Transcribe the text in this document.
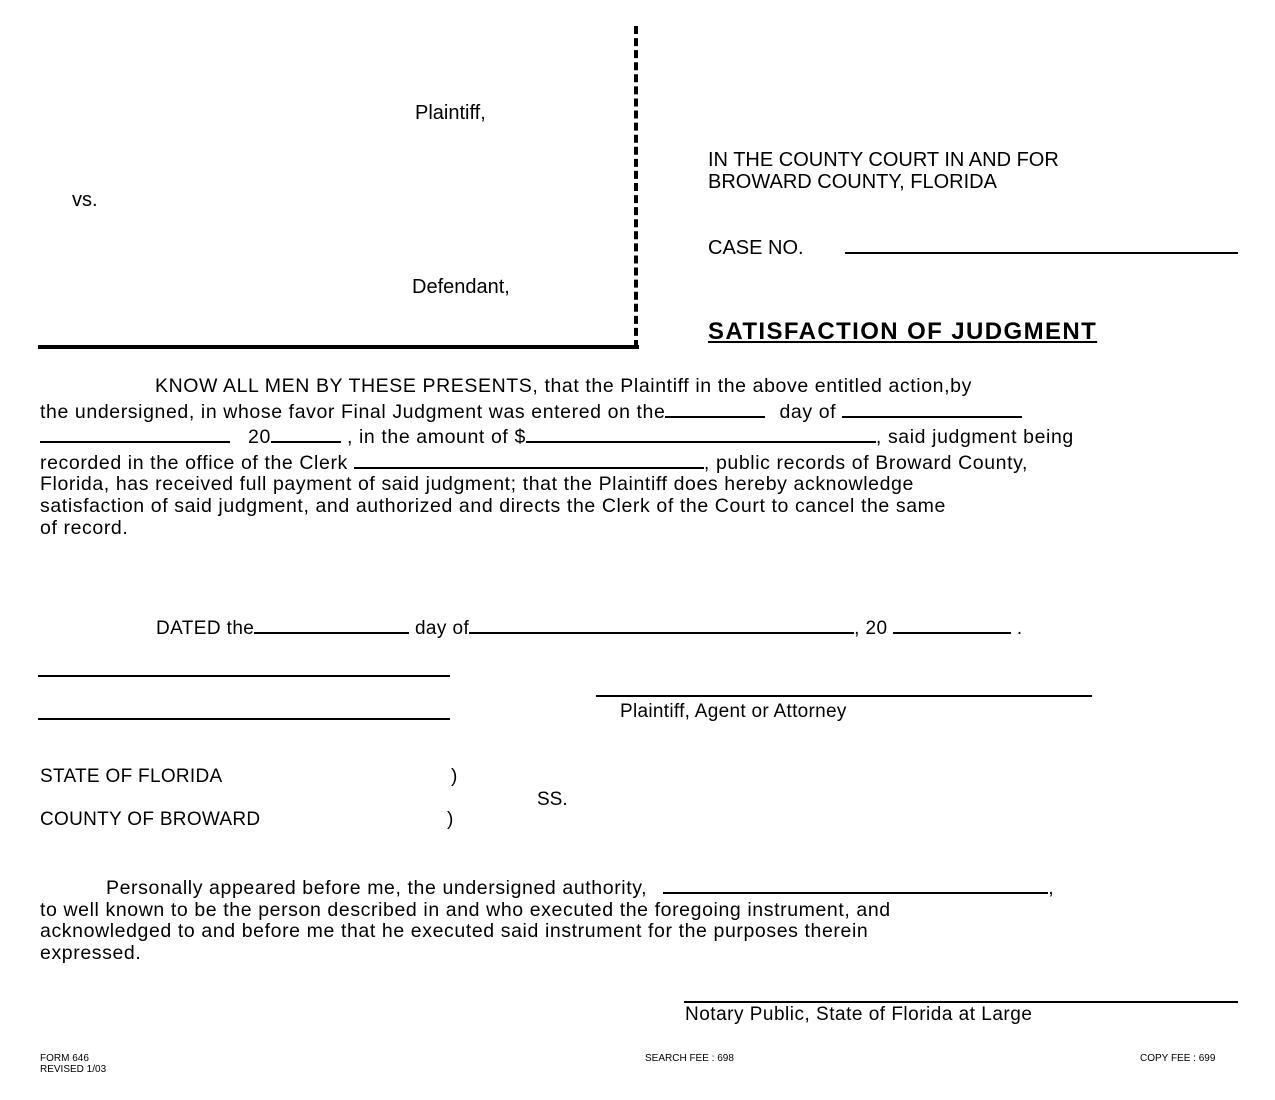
Plaintiff,
vs.
Defendant,
IN THE COUNTY COURT IN AND FOR
BROWARD COUNTY, FLORIDA
CASE NO.
SATISFACTION OF JUDGMENT
KNOW ALL MEN BY THESE PRESENTS, that the Plaintiff in the above entitled action,by
the undersigned, in whose favor Final Judgment was entered on the	day of
20	, in the amount of $	, said judgment being
recorded in the office of the Clerk	, public records of Broward County,
Florida, has received full payment of said judgment; that the Plaintiff does hereby acknowledge
satisfaction of said judgment, and authorized and directs the Clerk of the Court to cancel the same
of record.
DATED the	day of	, 20	.
Plaintiff, Agent or Attorney
STATE OF FLORIDA	)
SS.
COUNTY OF BROWARD	)
Personally appeared before me, the undersigned authority,	,
to well known to be the person described in and who executed the foregoing instrument, and
acknowledged to and before me that he executed said instrument for the purposes therein
expressed.
Notary Public, State of Florida at Large
FORM 646
REVISED 1/03
SEARCH FEE : 698	COPY FEE : 699
